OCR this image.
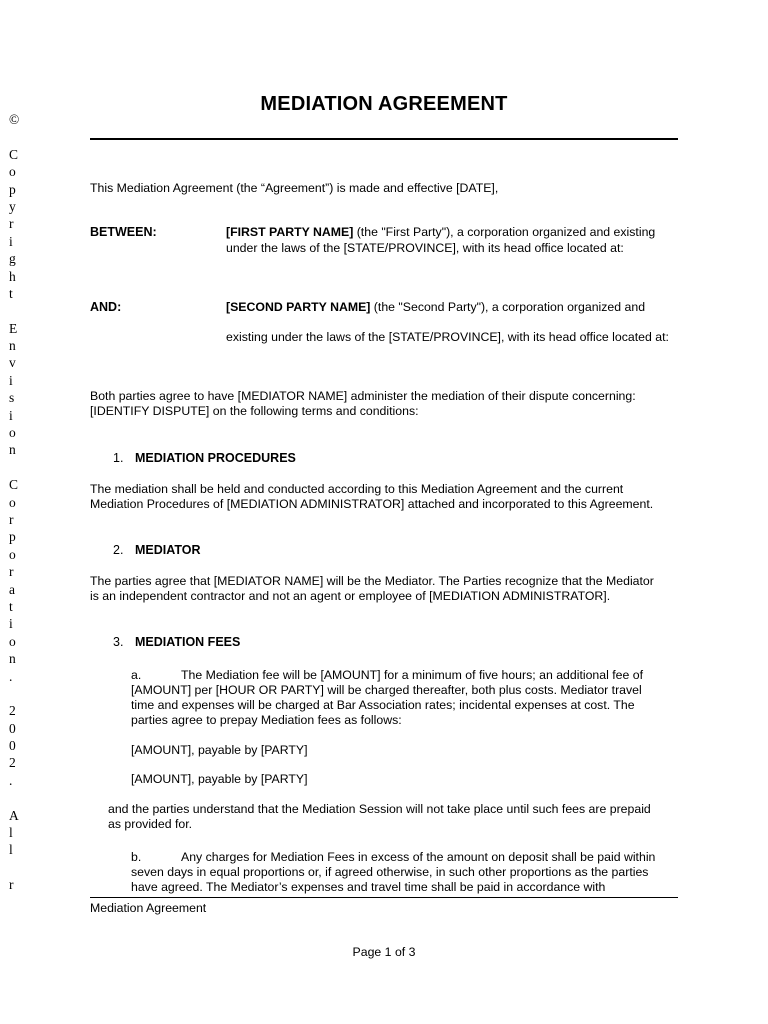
©
C
o
p
y
r
i
g
h
t
E
n
v
i
s
i
o
n
C
o
r
p
o
r
a
t
i
o
n
.
2
0
0
2
.
A
l
l
r
MEDIATION AGREEMENT
This Mediation Agreement (the “Agreement”) is made and effective [DATE],
BETWEEN:	[FIRST PARTY NAME] (the "First Party"), a corporation organized and existing
under the laws of the [STATE/PROVINCE], with its head office located at:
AND:	[SECOND PARTY NAME] (the "Second Party"), a corporation organized and
existing under the laws of the [STATE/PROVINCE], with its head office located at:
Both parties agree to have [MEDIATOR NAME] administer the mediation of their dispute concerning:
[IDENTIFY DISPUTE] on the following terms and conditions:
1. MEDIATION PROCEDURES
The mediation shall be held and conducted according to this Mediation Agreement and the current
Mediation Procedures of [MEDIATION ADMINISTRATOR] attached and incorporated to this Agreement.
2. MEDIATOR
The parties agree that [MEDIATOR NAME] will be the Mediator. The Parties recognize that the Mediator
is an independent contractor and not an agent or employee of [MEDIATION ADMINISTRATOR].
3. MEDIATION FEES
a.	The Mediation fee will be [AMOUNT] for a minimum of five hours; an additional fee of
[AMOUNT] per [HOUR OR PARTY] will be charged thereafter, both plus costs. Mediator travel
time and expenses will be charged at Bar Association rates; incidental expenses at cost. The
parties agree to prepay Mediation fees as follows:
[AMOUNT], payable by [PARTY]
[AMOUNT], payable by [PARTY]
and the parties understand that the Mediation Session will not take place until such fees are prepaid
as provided for.
b.	Any charges for Mediation Fees in excess of the amount on deposit shall be paid within
seven days in equal proportions or, if agreed otherwise, in such other proportions as the parties
have agreed. The Mediator’s expenses and travel time shall be paid in accordance with
Mediation Agreement
Page 1 of 3
